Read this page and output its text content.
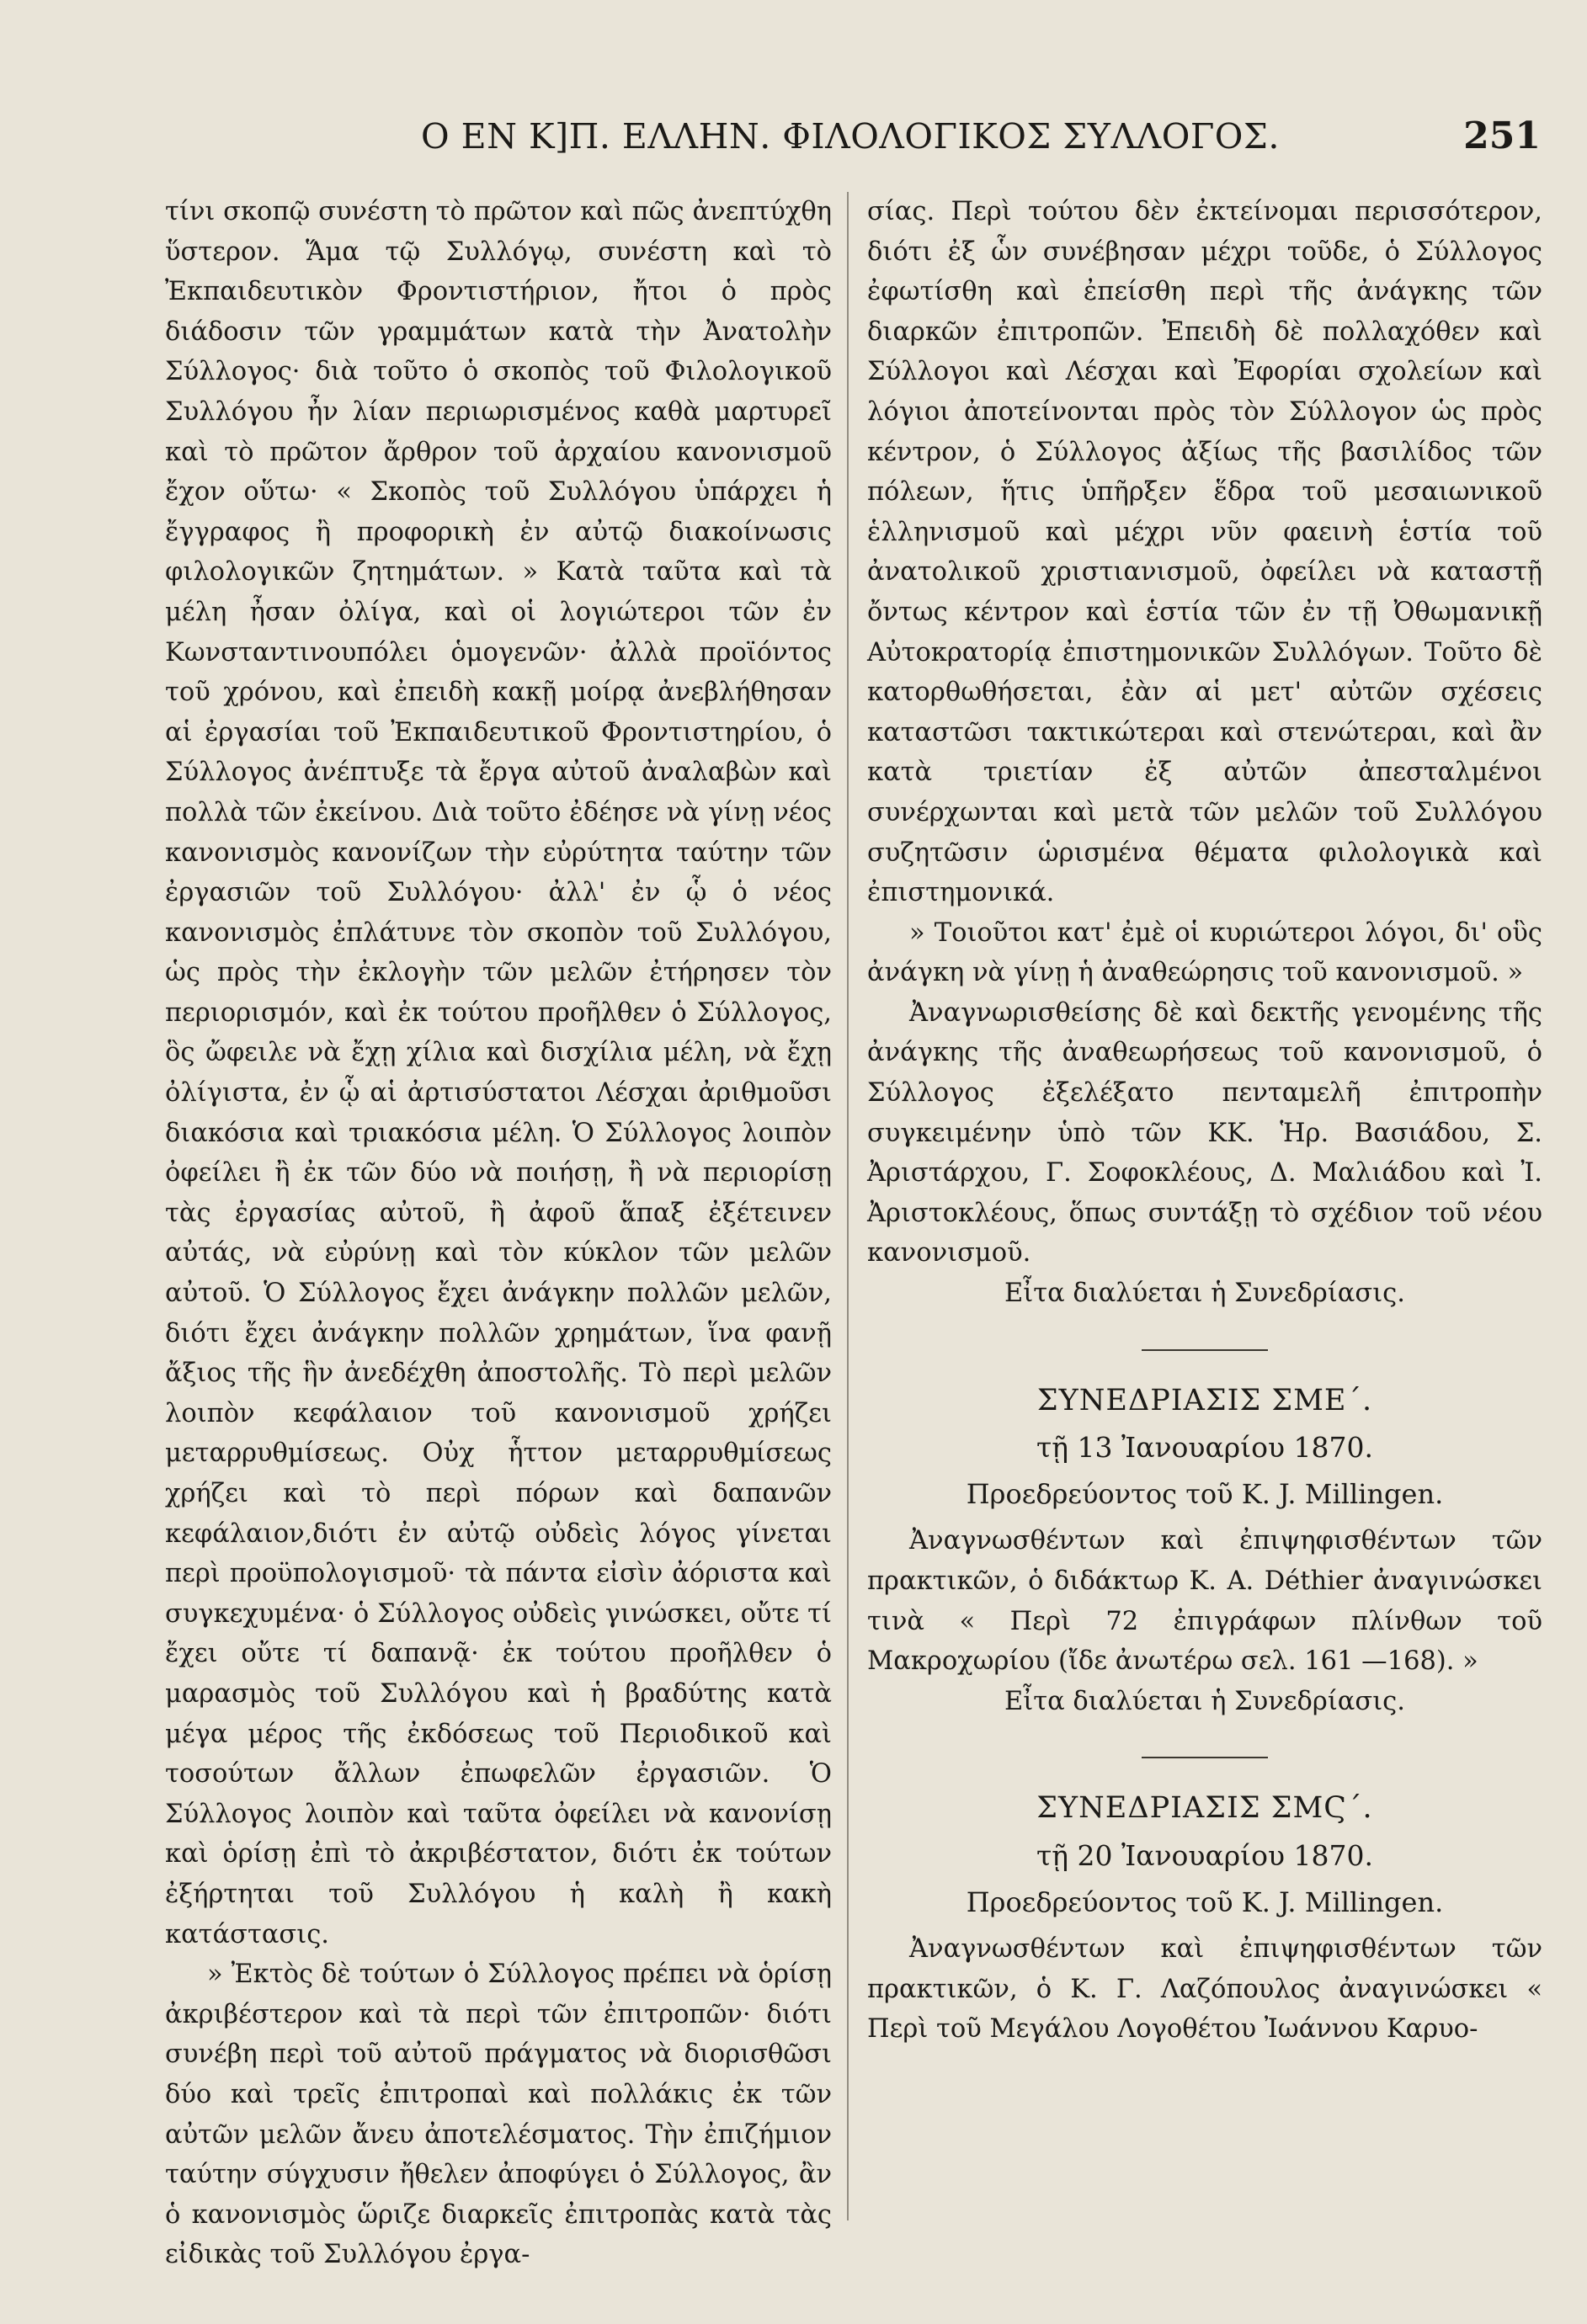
Ο ΕΝ Κ]Π. ΕΛΛΗΝ. ΦΙΛΟΛΟΓΙΚΟΣ ΣΥΛΛΟΓΟΣ.	251

τίνι σκοπῷ συνέστη τὸ πρῶτον καὶ πῶς ἀνεπτύχθη ὕστερον. Ἅμα τῷ Συλλόγῳ, συνέστη καὶ τὸ Ἐκπαιδευτικὸν Φροντιστήριον, ἤτοι ὁ πρὸς διάδοσιν τῶν γραμμάτων κατὰ τὴν Ἀνατολὴν Σύλλογος· διὰ τοῦτο ὁ σκοπὸς τοῦ Φιλολογικοῦ Συλλόγου ἦν λίαν περιωρισμένος καθὰ μαρτυρεῖ καὶ τὸ πρῶτον ἄρθρον τοῦ ἀρχαίου κανονισμοῦ ἔχον οὕτω· « Σκοπὸς τοῦ Συλλόγου ὑπάρχει ἡ ἔγγραφος ἢ προφορικὴ ἐν αὐτῷ διακοίνωσις φιλολογικῶν ζητημάτων. » Κατὰ ταῦτα καὶ τὰ μέλη ἦσαν ὀλίγα, καὶ οἱ λογιώτεροι τῶν ἐν Κωνσταντινουπόλει ὁμογενῶν· ἀλλὰ προϊόντος τοῦ χρόνου, καὶ ἐπειδὴ κακῇ μοίρᾳ ἀνεβλήθησαν αἱ ἐργασίαι τοῦ Ἐκπαιδευτικοῦ Φροντιστηρίου, ὁ Σύλλογος ἀνέπτυξε τὰ ἔργα αὐτοῦ ἀναλαβὼν καὶ πολλὰ τῶν ἐκείνου. Διὰ τοῦτο ἐδέησε νὰ γίνῃ νέος κανονισμὸς κανονίζων τὴν εὐρύτητα ταύτην τῶν ἐργασιῶν τοῦ Συλλόγου· ἀλλ' ἐν ᾧ ὁ νέος κανονισμὸς ἐπλάτυνε τὸν σκοπὸν τοῦ Συλλόγου, ὡς πρὸς τὴν ἐκλογὴν τῶν μελῶν ἐτήρησεν τὸν περιορισμόν, καὶ ἐκ τούτου προῆλθεν ὁ Σύλλογος, ὃς ὤφειλε νὰ ἔχῃ χίλια καὶ δισχίλια μέλη, νὰ ἔχῃ ὀλίγιστα, ἐν ᾧ αἱ ἀρτισύστατοι Λέσχαι ἀριθμοῦσι διακόσια καὶ τριακόσια μέλη. Ὁ Σύλλογος λοιπὸν ὀφείλει ἢ ἐκ τῶν δύο νὰ ποιήσῃ, ἢ νὰ περιορίσῃ τὰς ἐργασίας αὐτοῦ, ἢ ἀφοῦ ἅπαξ ἐξέτεινεν αὐτάς, νὰ εὐρύνῃ καὶ τὸν κύκλον τῶν μελῶν αὐτοῦ. Ὁ Σύλλογος ἔχει ἀνάγκην πολλῶν μελῶν, διότι ἔχει ἀνάγκην πολλῶν χρημάτων, ἵνα φανῇ ἄξιος τῆς ἣν ἀνεδέχθη ἀποστολῆς. Τὸ περὶ μελῶν λοιπὸν κεφάλαιον τοῦ κανονισμοῦ χρήζει μεταρρυθμίσεως. Οὐχ ἧττον μεταρρυθμίσεως χρήζει καὶ τὸ περὶ πόρων καὶ δαπανῶν κεφάλαιον,διότι ἐν αὐτῷ οὐδεὶς λόγος γίνεται περὶ προϋπολογισμοῦ· τὰ πάντα εἰσὶν ἀόριστα καὶ συγκεχυμένα· ὁ Σύλλογος οὐδεὶς γινώσκει, οὔτε τί ἔχει οὔτε τί δαπανᾷ· ἐκ τούτου προῆλθεν ὁ μαρασμὸς τοῦ Συλλόγου καὶ ἡ βραδύτης κατὰ μέγα μέρος τῆς ἐκδόσεως τοῦ Περιοδικοῦ καὶ τοσούτων ἄλλων ἐπωφελῶν ἐργασιῶν. Ὁ Σύλλογος λοιπὸν καὶ ταῦτα ὀφείλει νὰ κανονίσῃ καὶ ὁρίσῃ ἐπὶ τὸ ἀκριβέστατον, διότι ἐκ τούτων ἐξήρτηται τοῦ Συλλόγου ἡ καλὴ ἢ κακὴ κατάστασις.

» Ἐκτὸς δὲ τούτων ὁ Σύλλογος πρέπει νὰ ὁρίσῃ ἀκριβέστερον καὶ τὰ περὶ τῶν ἐπιτροπῶν· διότι συνέβη περὶ τοῦ αὐτοῦ πράγματος νὰ διορισθῶσι δύο καὶ τρεῖς ἐπιτροπαὶ καὶ πολλάκις ἐκ τῶν αὐτῶν μελῶν ἄνευ ἀποτελέσματος. Τὴν ἐπιζήμιον ταύτην σύγχυσιν ἤθελεν ἀποφύγει ὁ Σύλλογος, ἂν ὁ κανονισμὸς ὥριζε διαρκεῖς ἐπιτροπὰς κατὰ τὰς εἰδικὰς τοῦ Συλλόγου ἐργα-

σίας. Περὶ τούτου δὲν ἐκτείνομαι περισσότερον, διότι ἐξ ὧν συνέβησαν μέχρι τοῦδε, ὁ Σύλλογος ἐφωτίσθη καὶ ἐπείσθη περὶ τῆς ἀνάγκης τῶν διαρκῶν ἐπιτροπῶν. Ἐπειδὴ δὲ πολλαχόθεν καὶ Σύλλογοι καὶ Λέσχαι καὶ Ἐφορίαι σχολείων καὶ λόγιοι ἀποτείνονται πρὸς τὸν Σύλλογον ὡς πρὸς κέντρον, ὁ Σύλλογος ἀξίως τῆς βασιλίδος τῶν πόλεων, ἥτις ὑπῆρξεν ἕδρα τοῦ μεσαιωνικοῦ ἑλληνισμοῦ καὶ μέχρι νῦν φαεινὴ ἑστία τοῦ ἀνατολικοῦ χριστιανισμοῦ, ὀφείλει νὰ καταστῇ ὄντως κέντρον καὶ ἑστία τῶν ἐν τῇ Ὀθωμανικῇ Αὐτοκρατορίᾳ ἐπιστημονικῶν Συλλόγων. Τοῦτο δὲ κατορθωθήσεται, ἐὰν αἱ μετ' αὐτῶν σχέσεις καταστῶσι τακτικώτεραι καὶ στενώτεραι, καὶ ἂν κατὰ τριετίαν ἐξ αὐτῶν ἀπεσταλμένοι συνέρχωνται καὶ μετὰ τῶν μελῶν τοῦ Συλλόγου συζητῶσιν ὡρισμένα θέματα φιλολογικὰ καὶ ἐπιστημονικά.

» Τοιοῦτοι κατ' ἐμὲ οἱ κυριώτεροι λόγοι, δι' οὓς ἀνάγκη νὰ γίνῃ ἡ ἀναθεώρησις τοῦ κανονισμοῦ. »

Ἀναγνωρισθείσης δὲ καὶ δεκτῆς γενομένης τῆς ἀνάγκης τῆς ἀναθεωρήσεως τοῦ κανονισμοῦ, ὁ Σύλλογος ἐξελέξατο πενταμελῆ ἐπιτροπὴν συγκειμένην ὑπὸ τῶν ΚΚ. Ἡρ. Βασιάδου, Σ. Ἀριστάρχου, Γ. Σοφοκλέους, Δ. Μαλιάδου καὶ Ἰ. Ἀριστοκλέους, ὅπως συντάξῃ τὸ σχέδιον τοῦ νέου κανονισμοῦ.

Εἶτα διαλύεται ἡ Συνεδρίασις.

ΣΥΝΕΔΡΙΑΣΙΣ ΣΜΕ΄.
τῇ 13 Ἰανουαρίου 1870.
Προεδρεύοντος τοῦ Κ. J. Millingen.

Ἀναγνωσθέντων καὶ ἐπιψηφισθέντων τῶν πρακτικῶν, ὁ διδάκτωρ Κ. A. Déthier ἀναγινώσκει τινὰ « Περὶ 72 ἐπιγράφων πλίνθων τοῦ Μακροχωρίου (ἴδε ἀνωτέρω σελ. 161 —168). »

Εἶτα διαλύεται ἡ Συνεδρίασις.

ΣΥΝΕΔΡΙΑΣΙΣ ΣΜϚ΄.
τῇ 20 Ἰανουαρίου 1870.
Προεδρεύοντος τοῦ Κ. J. Millingen.

Ἀναγνωσθέντων καὶ ἐπιψηφισθέντων τῶν πρακτικῶν, ὁ Κ. Γ. Λαζόπουλος ἀναγινώσκει « Περὶ τοῦ Μεγάλου Λογοθέτου Ἰωάννου Καρυο-
